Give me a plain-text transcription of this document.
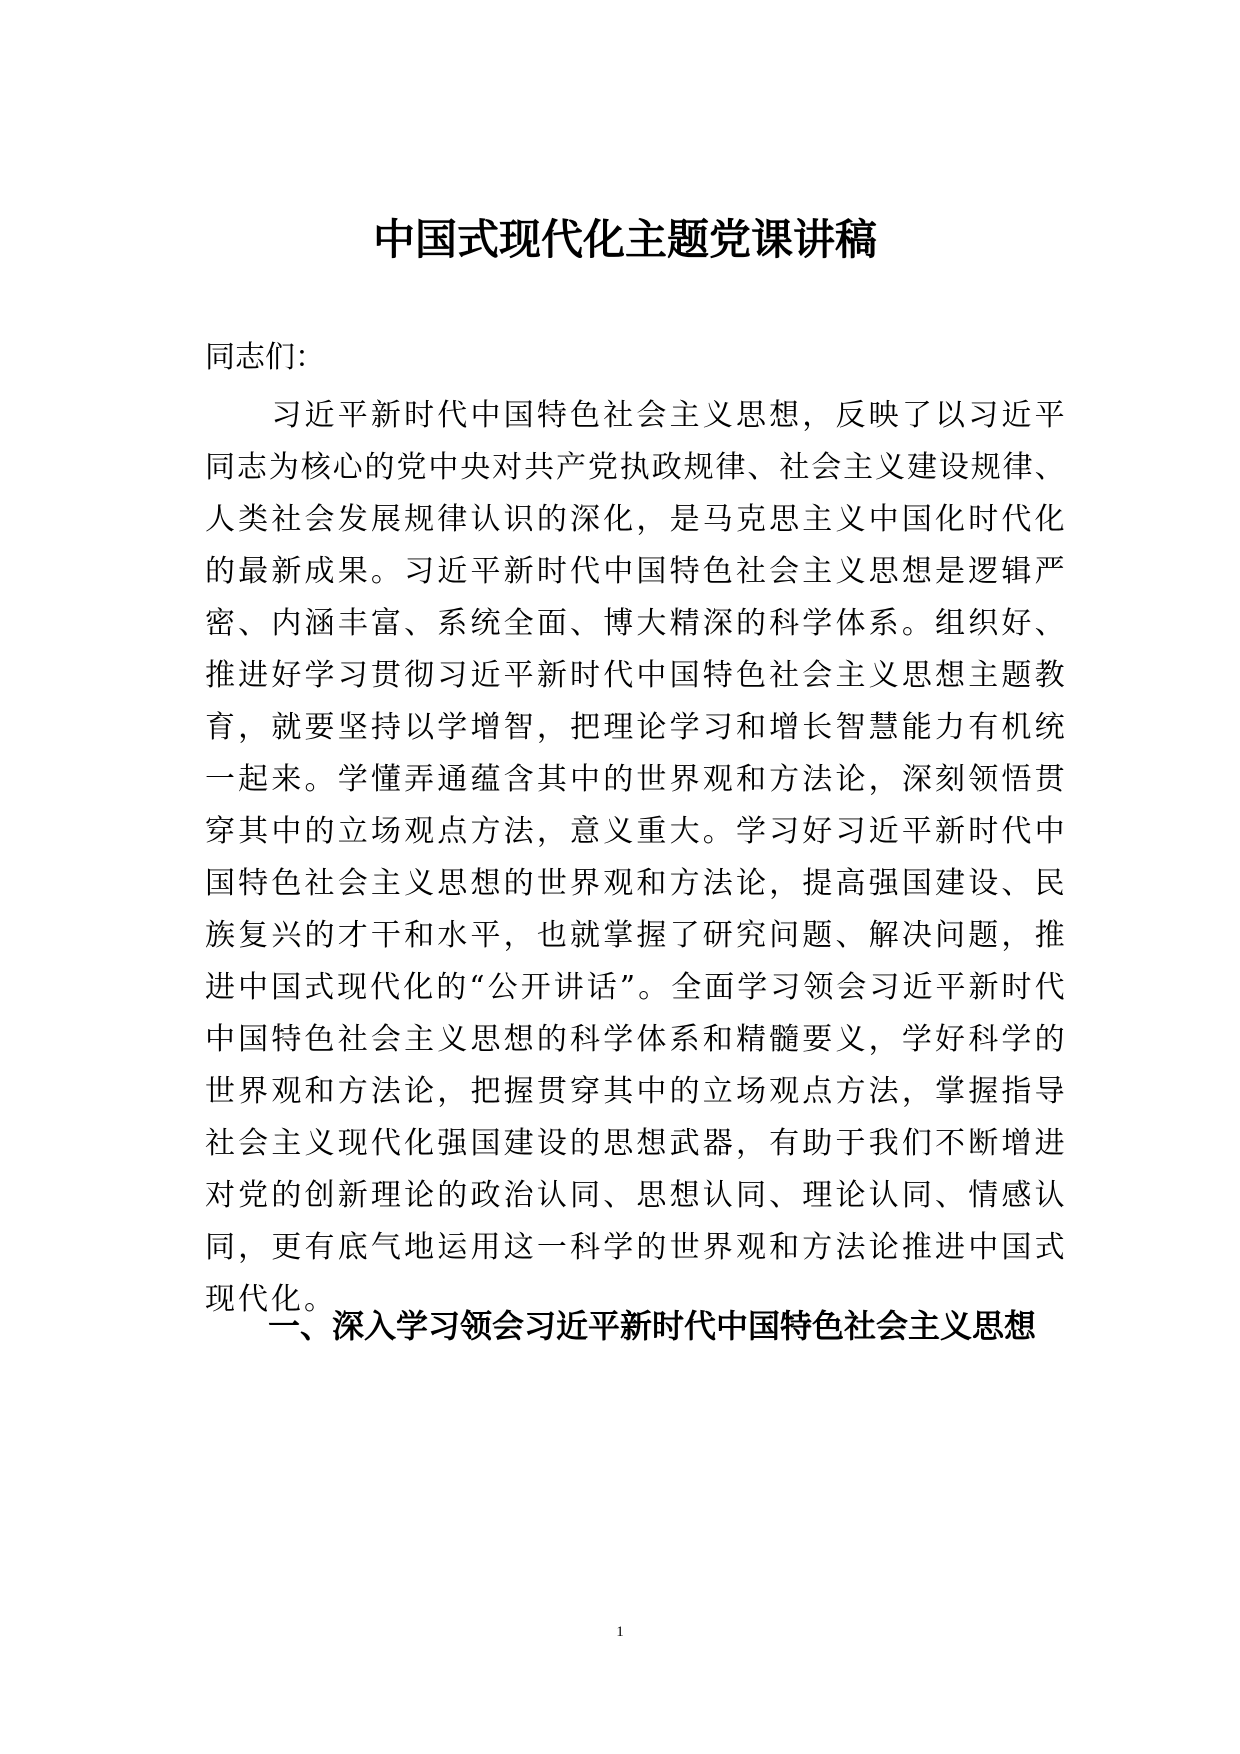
中国式现代化主题党课讲稿

同志们：

　　习近平新时代中国特色社会主义思想，反映了以习近平
同志为核心的党中央对共产党执政规律、社会主义建设规律、
人类社会发展规律认识的深化，是马克思主义中国化时代化
的最新成果。习近平新时代中国特色社会主义思想是逻辑严
密、内涵丰富、系统全面、博大精深的科学体系。组织好、
推进好学习贯彻习近平新时代中国特色社会主义思想主题教
育，就要坚持以学增智，把理论学习和增长智慧能力有机统
一起来。学懂弄通蕴含其中的世界观和方法论，深刻领悟贯
穿其中的立场观点方法，意义重大。学习好习近平新时代中
国特色社会主义思想的世界观和方法论，提高强国建设、民
族复兴的才干和水平，也就掌握了研究问题、解决问题，推
进中国式现代化的“公开讲话”。全面学习领会习近平新时代
中国特色社会主义思想的科学体系和精髓要义，学好科学的
世界观和方法论，把握贯穿其中的立场观点方法，掌握指导
社会主义现代化强国建设的思想武器，有助于我们不断增进
对党的创新理论的政治认同、思想认同、理论认同、情感认
同，更有底气地运用这一科学的世界观和方法论推进中国式
现代化。
一、深入学习领会习近平新时代中国特色社会主义思想
1
